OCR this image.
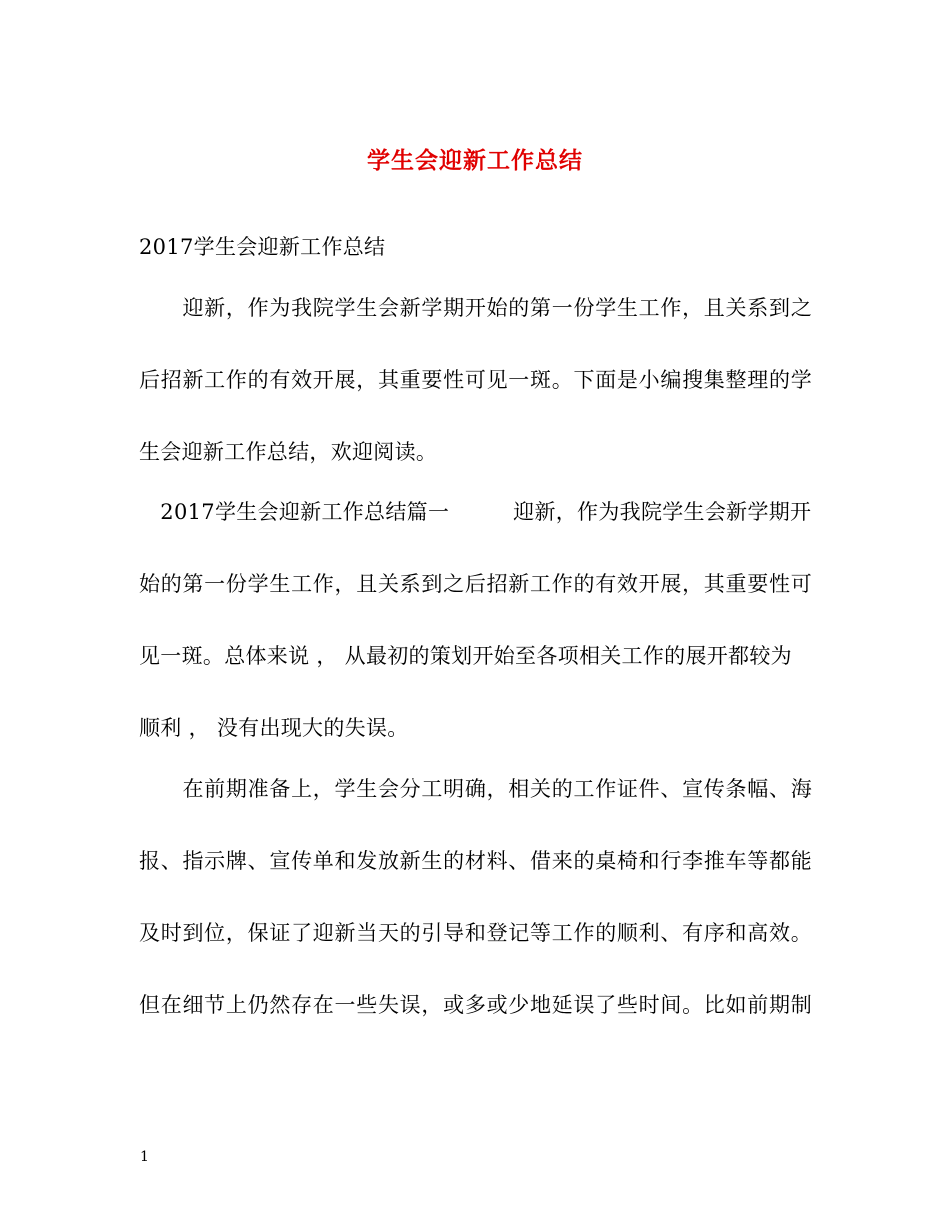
学生会迎新工作总结
2017学生会迎新工作总结
　　迎新，作为我院学生会新学期开始的第一份学生工作，且关系到之
后招新工作的有效开展，其重要性可见一斑。下面是小编搜集整理的学
生会迎新工作总结，欢迎阅读。
　2017学生会迎新工作总结篇一　　　迎新，作为我院学生会新学期开
始的第一份学生工作，且关系到之后招新工作的有效开展，其重要性可
见一斑。总体来说 ， 从最初的策划开始至各项相关工作的展开都较为
顺利 ， 没有出现大的失误。
　　在前期准备上，学生会分工明确，相关的工作证件、宣传条幅、海
报、指示牌、宣传单和发放新生的材料、借来的桌椅和行李推车等都能
及时到位，保证了迎新当天的引导和登记等工作的顺利、有序和高效。
但在细节上仍然存在一些失误，或多或少地延误了些时间。比如前期制
1
